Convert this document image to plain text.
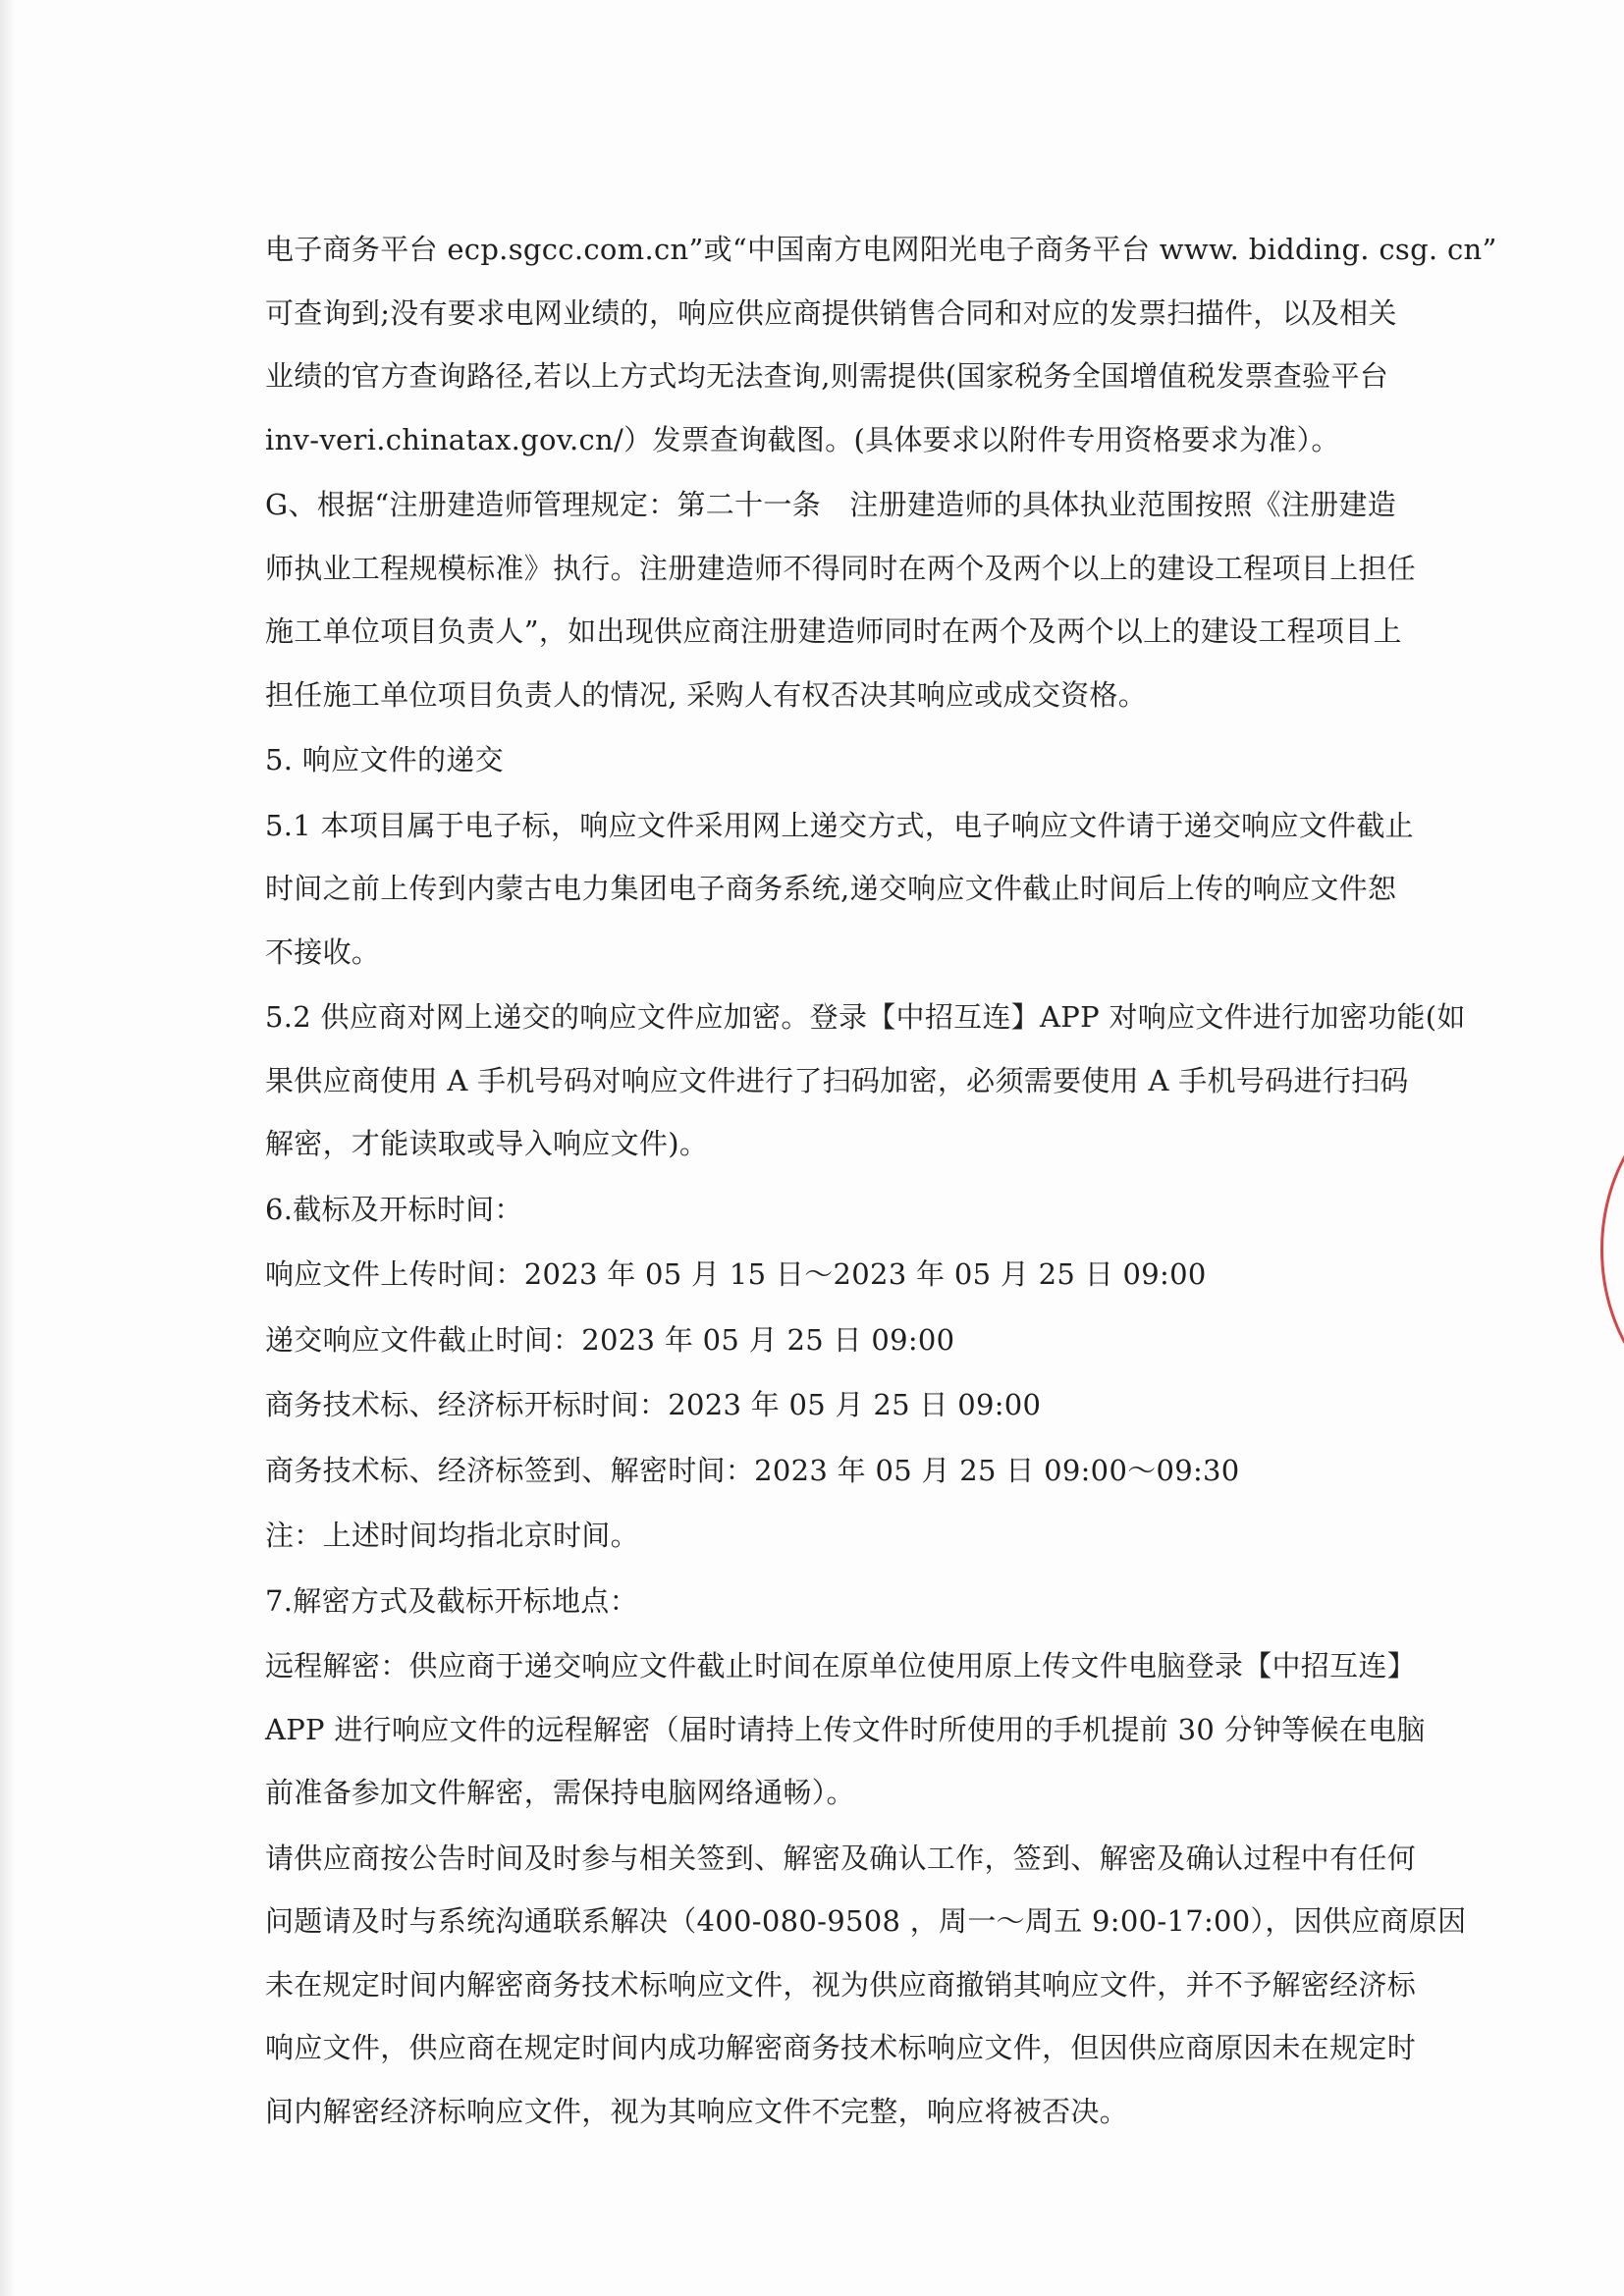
电子商务平台 ecp.sgcc.com.cn”或“中国南方电网阳光电子商务平台 www. bidding. csg. cn”
可查询到;没有要求电网业绩的，响应供应商提供销售合同和对应的发票扫描件，以及相关
业绩的官方查询路径,若以上方式均无法查询,则需提供(国家税务全国增值税发票查验平台
inv-veri.chinatax.gov.cn/）发票查询截图。(具体要求以附件专用资格要求为准）。
G、根据“注册建造师管理规定：第二十一条　注册建造师的具体执业范围按照《注册建造
师执业工程规模标准》执行。注册建造师不得同时在两个及两个以上的建设工程项目上担任
施工单位项目负责人”，如出现供应商注册建造师同时在两个及两个以上的建设工程项目上
担任施工单位项目负责人的情况, 采购人有权否决其响应或成交资格。
5. 响应文件的递交
5.1 本项目属于电子标，响应文件采用网上递交方式，电子响应文件请于递交响应文件截止
时间之前上传到内蒙古电力集团电子商务系统,递交响应文件截止时间后上传的响应文件恕
不接收。
5.2 供应商对网上递交的响应文件应加密。登录【中招互连】APP 对响应文件进行加密功能(如
果供应商使用 A 手机号码对响应文件进行了扫码加密，必须需要使用 A 手机号码进行扫码
解密，才能读取或导入响应文件)。
6.截标及开标时间：
响应文件上传时间：2023 年 05 月 15 日～2023 年 05 月 25 日 09:00
递交响应文件截止时间：2023 年 05 月 25 日 09:00
商务技术标、经济标开标时间：2023 年 05 月 25 日 09:00
商务技术标、经济标签到、解密时间：2023 年 05 月 25 日 09:00～09:30
注：上述时间均指北京时间。
7.解密方式及截标开标地点：
远程解密：供应商于递交响应文件截止时间在原单位使用原上传文件电脑登录【中招互连】
APP 进行响应文件的远程解密（届时请持上传文件时所使用的手机提前 30 分钟等候在电脑
前准备参加文件解密，需保持电脑网络通畅）。
请供应商按公告时间及时参与相关签到、解密及确认工作，签到、解密及确认过程中有任何
问题请及时与系统沟通联系解决（400-080-9508 ，周一～周五 9:00-17:00），因供应商原因
未在规定时间内解密商务技术标响应文件，视为供应商撤销其响应文件，并不予解密经济标
响应文件，供应商在规定时间内成功解密商务技术标响应文件，但因供应商原因未在规定时
间内解密经济标响应文件，视为其响应文件不完整，响应将被否决。
